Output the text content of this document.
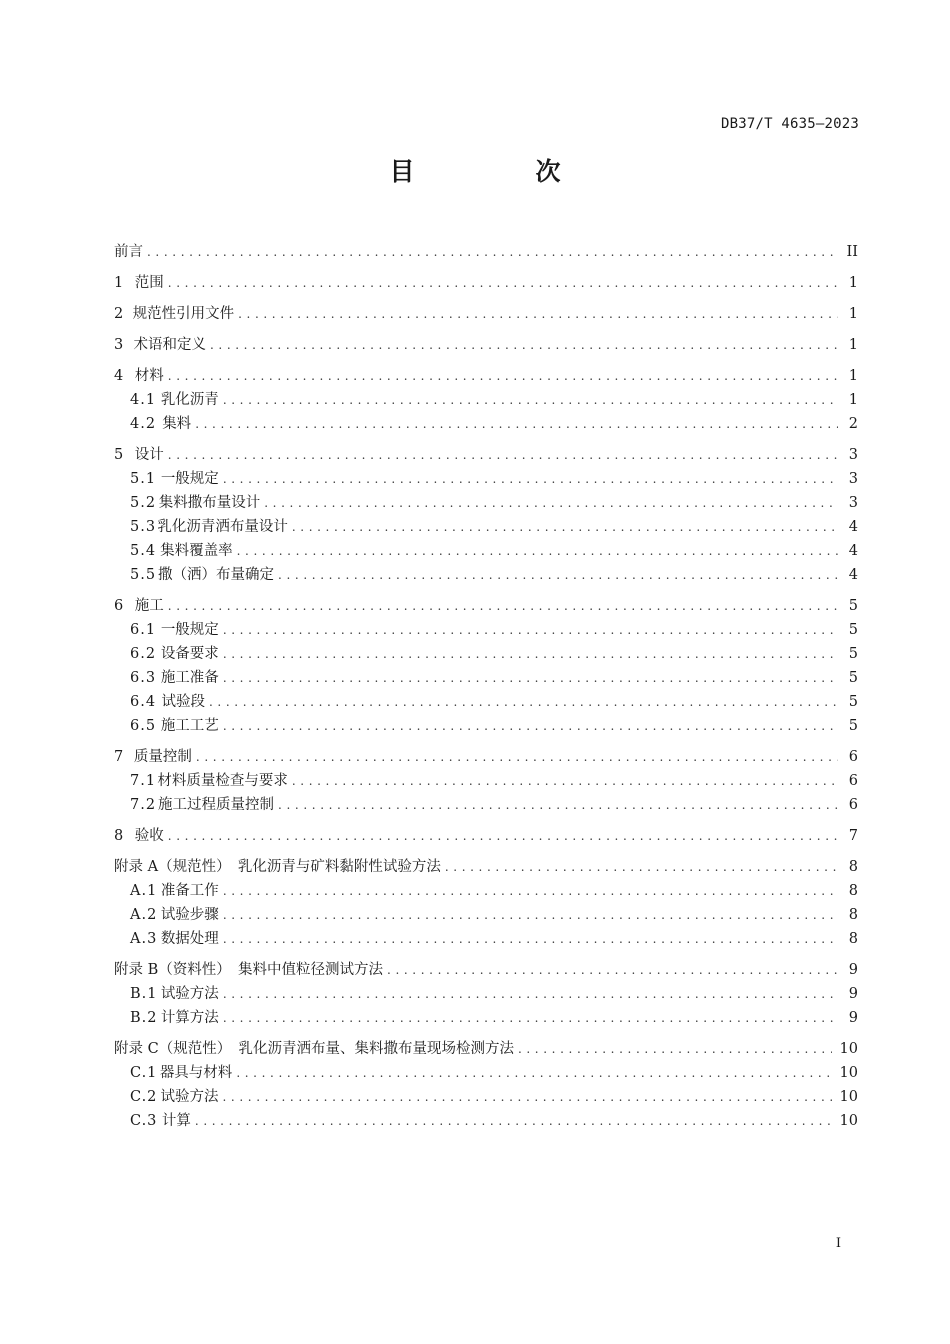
DB37/T 4635—2023
目　次
前言 . . .	II
1 范围 . . .	1
2 规范性引用文件 . . .	1
3 术语和定义 . . .	1
4 材料 . . .	1
4.1 乳化沥青 . . .	1
4.2 集料 . . .	2
5 设计 . . .	3
5.1 一般规定 . . .	3
5.2 集料撒布量设计 . . .	3
5.3 乳化沥青洒布量设计 . . .	4
5.4 集料覆盖率 . . .	4
5.5 撒（洒）布量确定 . . .	4
6 施工 . . .	5
6.1 一般规定 . . .	5
6.2 设备要求 . . .	5
6.3 施工准备 . . .	5
6.4 试验段 . . .	5
6.5 施工工艺 . . .	5
7 质量控制 . . .	6
7.1 材料质量检查与要求 . . .	6
7.2 施工过程质量控制 . . .	6
8 验收 . . .	7
附录 A（规范性）　乳化沥青与矿料黏附性试验方法 . . .	8
A.1 准备工作 . . .	8
A.2 试验步骤 . . .	8
A.3 数据处理 . . .	8
附录 B（资料性）　集料中值粒径测试方法 . . .	9
B.1 试验方法 . . .	9
B.2 计算方法 . . .	9
附录 C（规范性）　乳化沥青洒布量、集料撒布量现场检测方法 . . .	10
C.1 器具与材料 . . .	10
C.2 试验方法 . . .	10
C.3 计算 . . .	10
I
